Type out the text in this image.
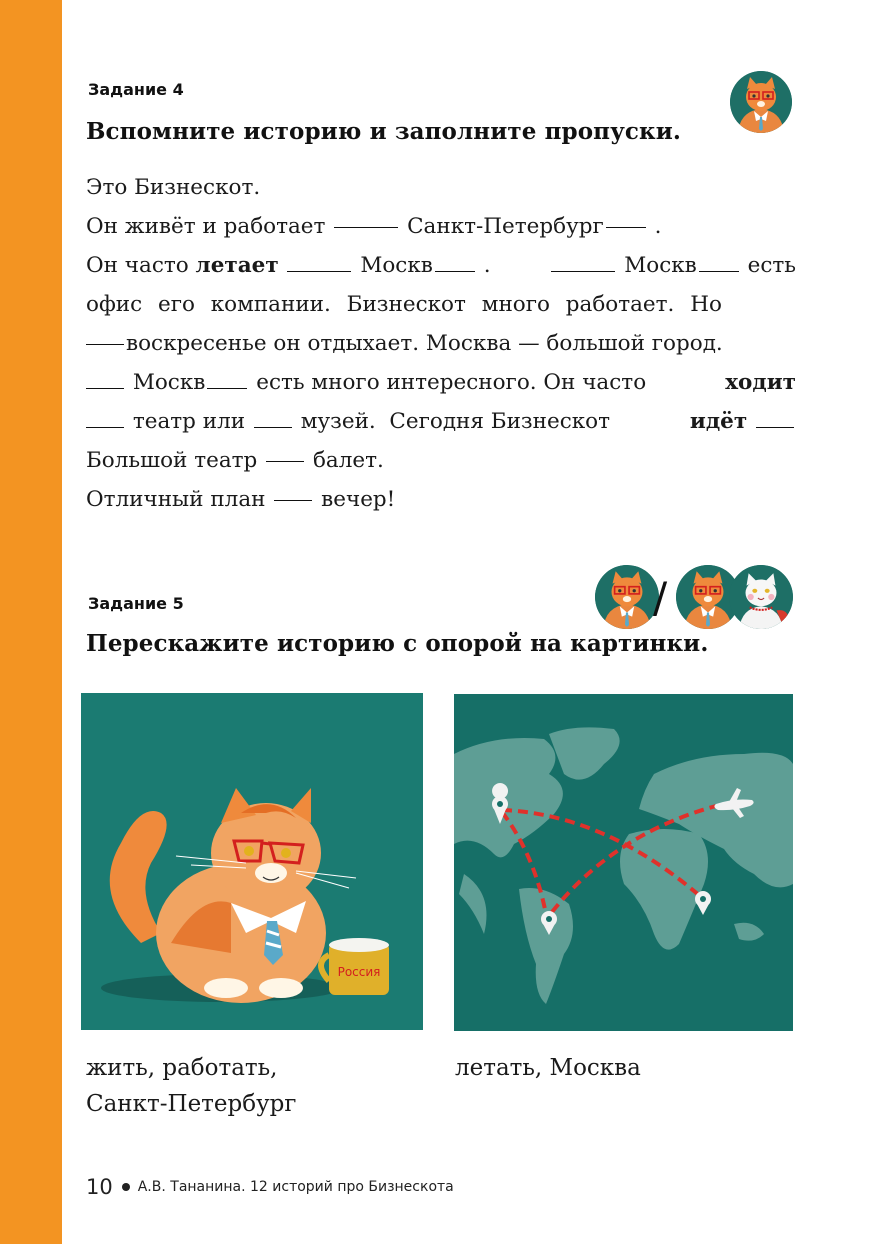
Задание 4
Вспомните историю и заполните пропуски.
Это Бизнескот.
Он живёт и работает

	Санкт-Петербург
.
Он часто летает	Москв .	Москв есть
офис его компании. Бизнескот много работает. Но
воскресенье он отдыхает. Москва — большой город.
Москв есть много интересного. Он часто	ходит
театр или	музей.  Сегодня Бизнескот	идёт
Большой театр

	балет.
Отличный план

	вечер!
Задание 5
Перескажите историю с опорой на картинки.
/
Россия
жить, работать,
Санкт-Петербург
летать, Москва
10 А.В. Тананина. 12 историй про Бизнескота
